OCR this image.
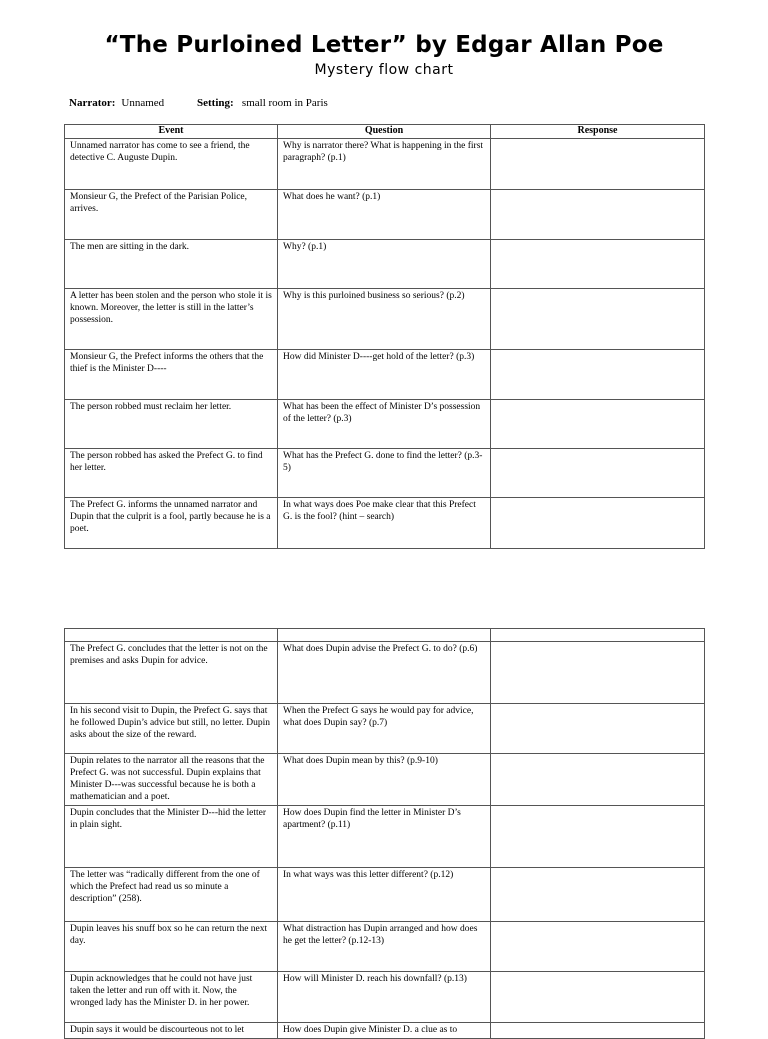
“The Purloined Letter” by Edgar Allan Poe
Mystery flow chart
Narrator: Unnamed	Setting: small room in Paris
Event	Question	Response
Unnamed narrator has come to see a friend, the detective C. Auguste Dupin.	Why is narrator there? What is happening in the first paragraph? (p.1)	
Monsieur G, the Prefect of the Parisian Police, arrives.	What does he want? (p.1)	
The men are sitting in the dark.	Why? (p.1)	
A letter has been stolen and the person who stole it is known. Moreover, the letter is still in the latter’s possession.	Why is this purloined business so serious? (p.2)	
Monsieur G, the Prefect informs the others that the thief is the Minister D----	How did Minister D----get hold of the letter? (p.3)	
The person robbed must reclaim her letter.	What has been the effect of Minister D’s possession of the letter? (p.3)	
The person robbed has asked the Prefect G. to find her letter.	What has the Prefect G. done to find the letter? (p.3-5)	
The Prefect G. informs the unnamed narrator and Dupin that the culprit is a fool, partly because he is a poet.	In what ways does Poe make clear that this Prefect G. is the fool? (hint – search)	

The Prefect G. concludes that the letter is not on the premises and asks Dupin for advice.	What does Dupin advise the Prefect G. to do? (p.6)	
In his second visit to Dupin, the Prefect G. says that he followed Dupin’s advice but still, no letter. Dupin asks about the size of the reward.	When the Prefect G says he would pay for advice, what does Dupin say? (p.7)	
Dupin relates to the narrator all the reasons that the Prefect G. was not successful. Dupin explains that Minister D---was successful because he is both a mathematician and a poet.	What does Dupin mean by this? (p.9-10)	
Dupin concludes that the Minister D---hid the letter in plain sight.	How does Dupin find the letter in Minister D’s apartment? (p.11)	
The letter was “radically different from the one of which the Prefect had read us so minute a description” (258).	In what ways was this letter different? (p.12)	
Dupin leaves his snuff box so he can return the next day.	What distraction has Dupin arranged and how does he get the letter? (p.12-13)	
Dupin acknowledges that he could not have just taken the letter and run off with it. Now, the wronged lady has the Minister D. in her power.	How will Minister D. reach his downfall? (p.13)	
Dupin says it would be discourteous not to let	How does Dupin give Minister D. a clue as to	
